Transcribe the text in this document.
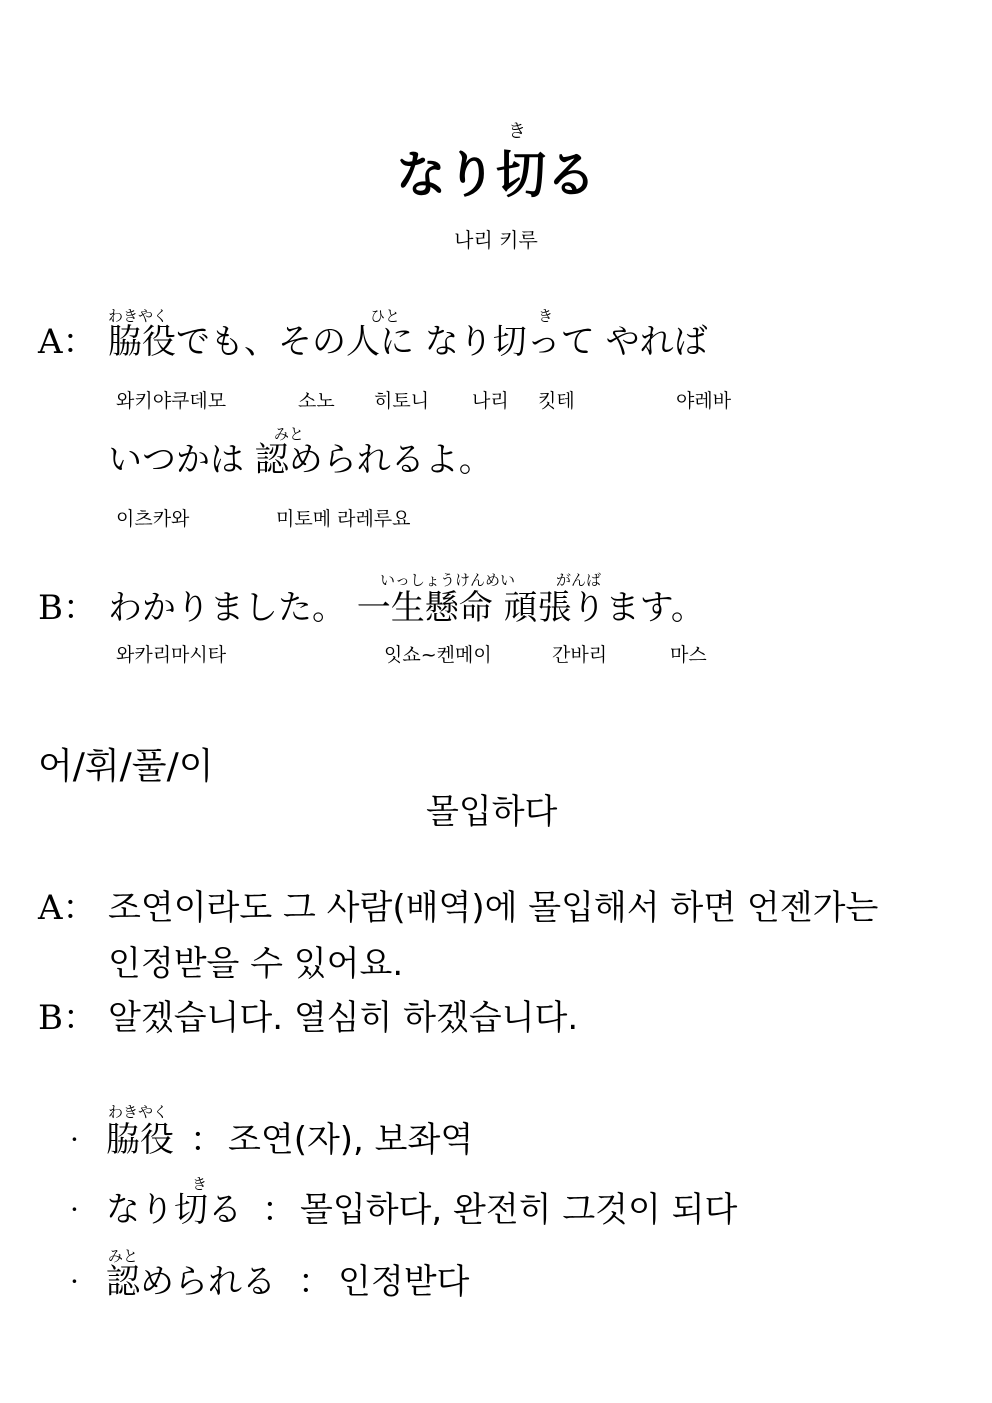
き
なり切る
나리 키루
わきやく	ひと	き
A： 脇役でも、その人に なり切って やれば
와키야쿠데모	소노 히토니 나리 킷테	야레바
みと
いつかは 認められるよ。
이츠카와	미토메 라레루요
いっしょうけんめい	がんば
B： わかりました。 一生懸命 頑張ります。
와카리마시타	잇쇼~켄메이	간바리	마스
어/휘/풀/이
몰입하다
A： 조연이라도 그 사람(배역)에 몰입해서 하면 언젠가는
인정받을 수 있어요.
B： 알겠습니다. 열심히 하겠습니다.
わきやく
· 脇役 ： 조연(자), 보좌역
き
· なり切る ： 몰입하다, 완전히 그것이 되다
みと
· 認められる ： 인정받다
